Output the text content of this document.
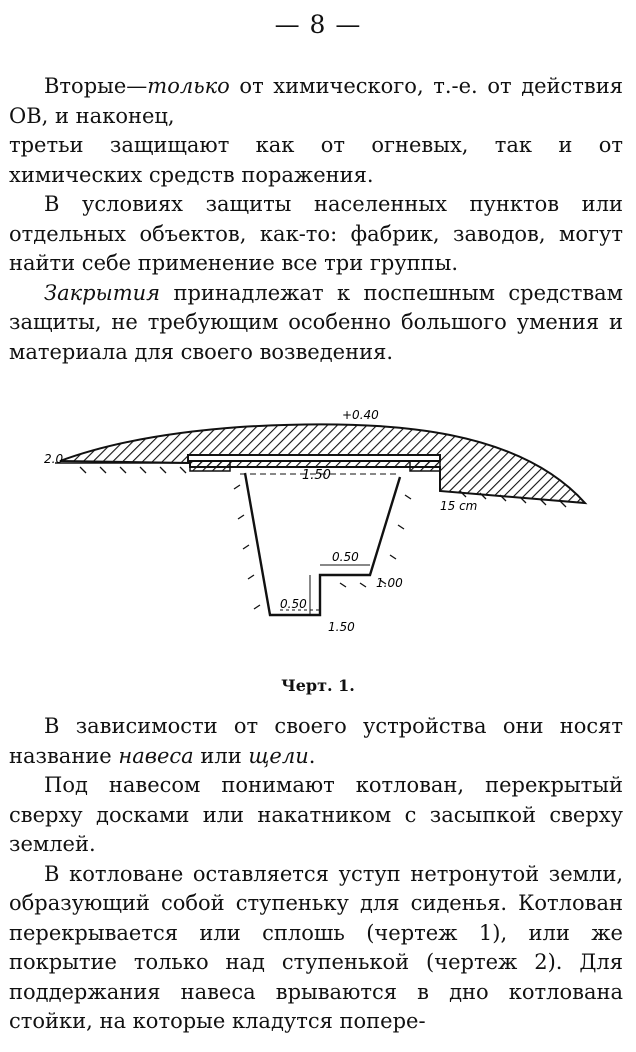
— 8 —

Вторые—только от химического, т.-е. от действия ОВ, и наконец,

третьи защищают как от огневых, так и от химических средств поражения.

В условиях защиты населенных пунктов или отдельных объектов, как-то: фабрик, заводов, могут найти себе применение все три группы.

Закрытия принадлежат к поспешным средствам защиты, не требующим особенно большого умения и материала для своего возведения.

+0.40
2.0
1.50
15 cm
0.50
1.00
0.50
1.50
Черт. 1.

В зависимости от своего устройства они носят название навеса или щели.

Под навесом понимают котлован, перекрытый сверху досками или накатником с засыпкой сверху землей.

В котловане оставляется уступ нетронутой земли, образующий собой ступеньку для сиденья. Котлован перекрывается или сплошь (чертеж 1), или же покрытие только над ступенькой (чертеж 2). Для поддержания навеса врываются в дно котлована стойки, на которые кладутся попере-
